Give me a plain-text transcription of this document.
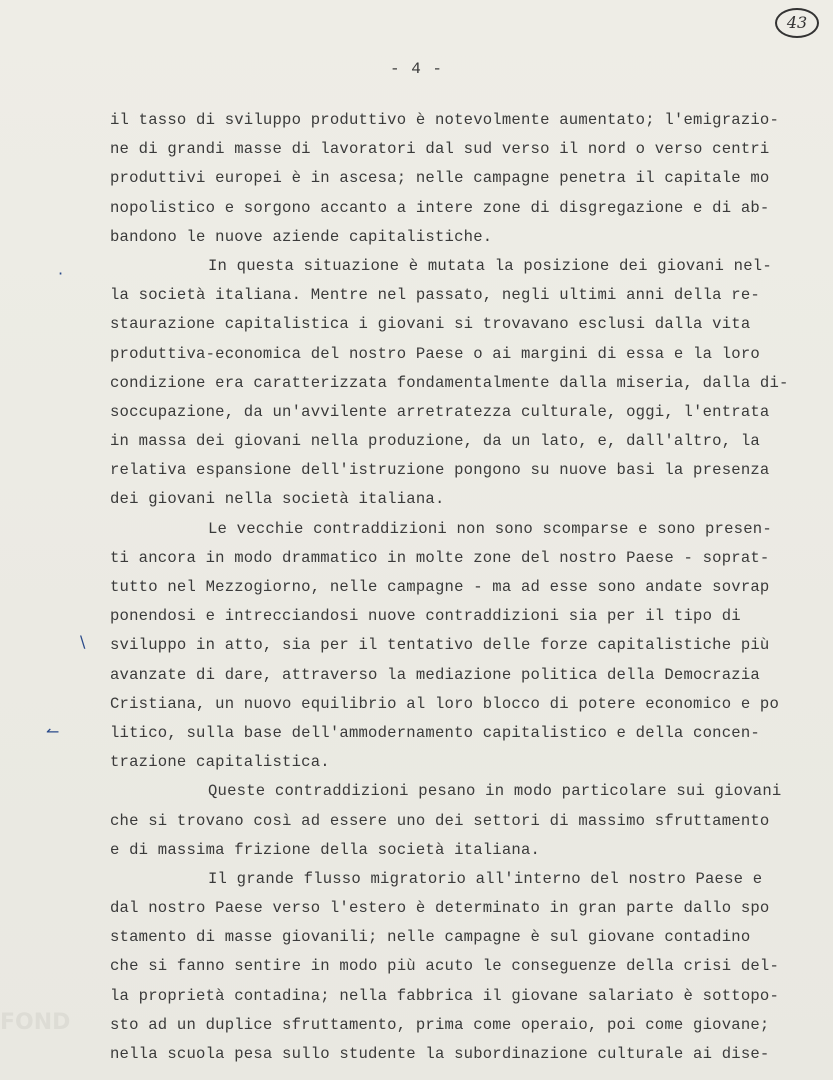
43
- 4 -
il tasso di sviluppo produttivo è notevolmente aumentato; l'emigrazio-
ne di grandi masse di lavoratori dal sud verso il nord o verso centri
produttivi europei è in ascesa; nelle campagne penetra il capitale mo
nopolistico e sorgono accanto a intere zone di disgregazione e di ab-
bandono le nuove aziende capitalistiche.
In questa situazione è mutata la posizione dei giovani nel-
la società italiana. Mentre nel passato, negli ultimi anni della re-
staurazione capitalistica i giovani si trovavano esclusi dalla vita
produttiva-economica del nostro Paese o ai margini di essa e la loro
condizione era caratterizzata fondamentalmente dalla miseria, dalla di-
soccupazione, da un'avvilente arretratezza culturale, oggi, l'entrata
in massa dei giovani nella produzione, da un lato, e, dall'altro, la
relativa espansione dell'istruzione pongono su nuove basi la presenza
dei giovani nella società italiana.
Le vecchie contraddizioni non sono scomparse e sono presen-
ti ancora in modo drammatico in molte zone del nostro Paese - soprat-
tutto nel Mezzogiorno, nelle campagne - ma ad esse sono andate sovrap
ponendosi e intrecciandosi nuove contraddizioni sia per il tipo di
sviluppo in atto, sia per il tentativo delle forze capitalistiche più
avanzate di dare, attraverso la mediazione politica della Democrazia
Cristiana, un nuovo equilibrio al loro blocco di potere economico e po
litico, sulla base dell'ammodernamento capitalistico e della concen-
trazione capitalistica.
Queste contraddizioni pesano in modo particolare sui giovani
che si trovano così ad essere uno dei settori di massimo sfruttamento
e di massima frizione della società italiana.
Il grande flusso migratorio all'interno del nostro Paese e
dal nostro Paese verso l'estero è determinato in gran parte dallo spo
stamento di masse giovanili; nelle campagne è sul giovane contadino
che si fanno sentire in modo più acuto le conseguenze della crisi del-
la proprietà contadina; nella fabbrica il giovane salariato è sottopo-
sto ad un duplice sfruttamento, prima come operaio, poi come giovane;
nella scuola pesa sullo studente la subordinazione culturale ai dise-
·
\
↼
FOND
